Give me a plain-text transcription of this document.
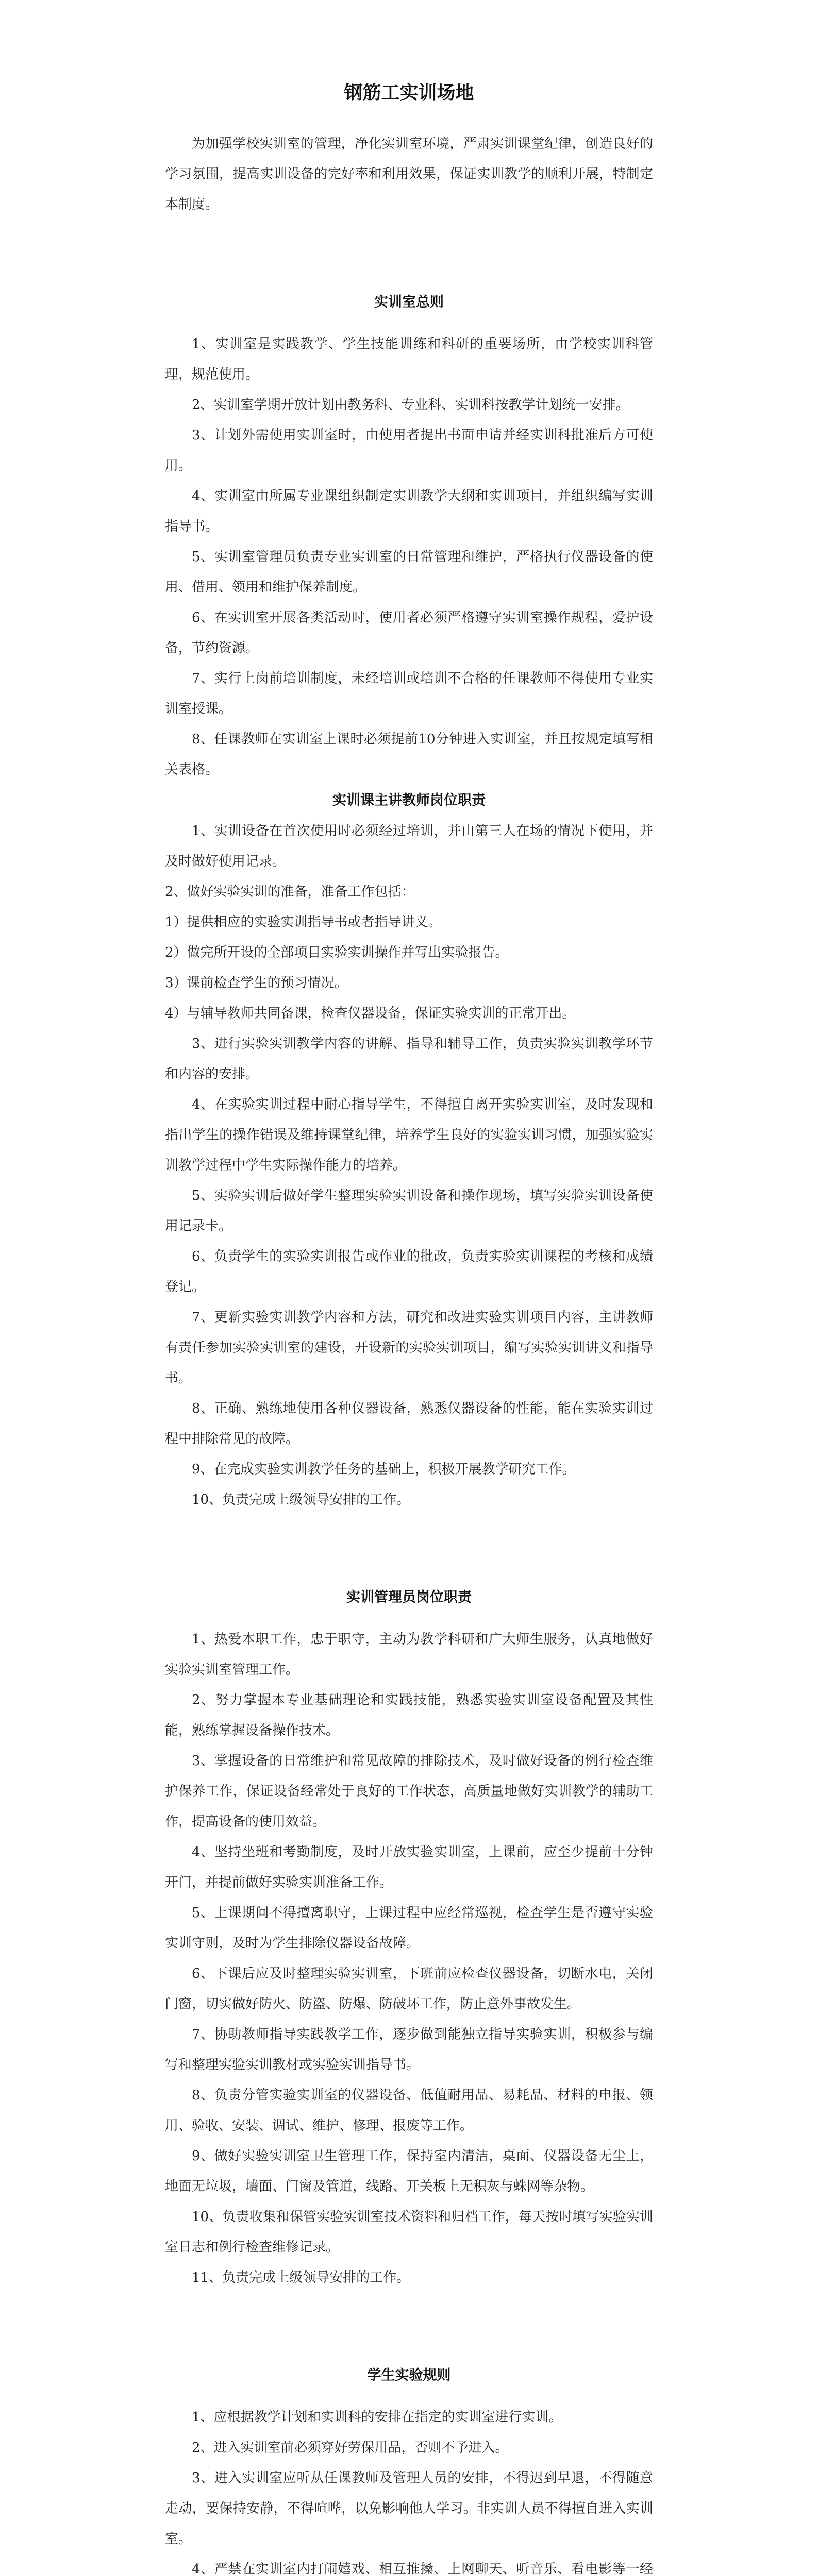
钢筋工实训场地

为加强学校实训室的管理，净化实训室环境，严肃实训课堂纪律，创造良好的学习氛围，提高实训设备的完好率和利用效果，保证实训教学的顺利开展，特制定本制度。

实训室总则

1、实训室是实践教学、学生技能训练和科研的重要场所，由学校实训科管理，规范使用。

2、实训室学期开放计划由教务科、专业科、实训科按教学计划统一安排。

3、计划外需使用实训室时，由使用者提出书面申请并经实训科批准后方可使用。

4、实训室由所属专业课组织制定实训教学大纲和实训项目，并组织编写实训指导书。

5、实训室管理员负责专业实训室的日常管理和维护，严格执行仪器设备的使用、借用、领用和维护保养制度。

6、在实训室开展各类活动时，使用者必须严格遵守实训室操作规程，爱护设备，节约资源。

7、实行上岗前培训制度，未经培训或培训不合格的任课教师不得使用专业实训室授课。

8、任课教师在实训室上课时必须提前10分钟进入实训室，并且按规定填写相关表格。

实训课主讲教师岗位职责

1、实训设备在首次使用时必须经过培训，并由第三人在场的情况下使用，并及时做好使用记录。

2、做好实验实训的准备，准备工作包括：

1）提供相应的实验实训指导书或者指导讲义。

2）做完所开设的全部项目实验实训操作并写出实验报告。

3）课前检查学生的预习情况。

4）与辅导教师共同备课，检查仪器设备，保证实验实训的正常开出。

3、进行实验实训教学内容的讲解、指导和辅导工作，负责实验实训教学环节和内容的安排。

4、在实验实训过程中耐心指导学生，不得擅自离开实验实训室，及时发现和指出学生的操作错误及维持课堂纪律，培养学生良好的实验实训习惯，加强实验实训教学过程中学生实际操作能力的培养。

5、实验实训后做好学生整理实验实训设备和操作现场，填写实验实训设备使用记录卡。

6、负责学生的实验实训报告或作业的批改，负责实验实训课程的考核和成绩登记。

7、更新实验实训教学内容和方法，研究和改进实验实训项目内容，主讲教师有责任参加实验实训室的建设，开设新的实验实训项目，编写实验实训讲义和指导书。

8、正确、熟练地使用各种仪器设备，熟悉仪器设备的性能，能在实验实训过程中排除常见的故障。

9、在完成实验实训教学任务的基础上，积极开展教学研究工作。

10、负责完成上级领导安排的工作。

实训管理员岗位职责

1、热爱本职工作，忠于职守，主动为教学科研和广大师生服务，认真地做好实验实训室管理工作。

2、努力掌握本专业基础理论和实践技能，熟悉实验实训室设备配置及其性能，熟练掌握设备操作技术。

3、掌握设备的日常维护和常见故障的排除技术，及时做好设备的例行检查维护保养工作，保证设备经常处于良好的工作状态，高质量地做好实训教学的辅助工作，提高设备的使用效益。

4、坚持坐班和考勤制度，及时开放实验实训室，上课前，应至少提前十分钟开门，并提前做好实验实训准备工作。

5、上课期间不得擅离职守，上课过程中应经常巡视，检查学生是否遵守实验实训守则，及时为学生排除仪器设备故障。

6、下课后应及时整理实验实训室，下班前应检查仪器设备，切断水电，关闭门窗，切实做好防火、防盗、防爆、防破坏工作，防止意外事故发生。

7、协助教师指导实践教学工作，逐步做到能独立指导实验实训，积极参与编写和整理实验实训教材或实验实训指导书。

8、负责分管实验实训室的仪器设备、低值耐用品、易耗品、材料的申报、领用、验收、安装、调试、维护、修理、报废等工作。

9、做好实验实训室卫生管理工作，保持室内清洁，桌面、仪器设备无尘土，地面无垃圾，墙面、门窗及管道，线路、开关板上无积灰与蛛网等杂物。

10、负责收集和保管实验实训室技术资料和归档工作，每天按时填写实验实训室日志和例行检查维修记录。

11、负责完成上级领导安排的工作。

学生实验规则

1、应根据教学计划和实训科的安排在指定的实训室进行实训。

2、进入实训室前必须穿好劳保用品，否则不予进入。

3、进入实训室应听从任课教师及管理人员的安排，不得迟到早退，不得随意走动，要保持安静，不得喧哗，以免影响他人学习。非实训人员不得擅自进入实训室。

4、严禁在实训室内打闹嬉戏、相互推搡、上网聊天、听音乐、看电影等一经
